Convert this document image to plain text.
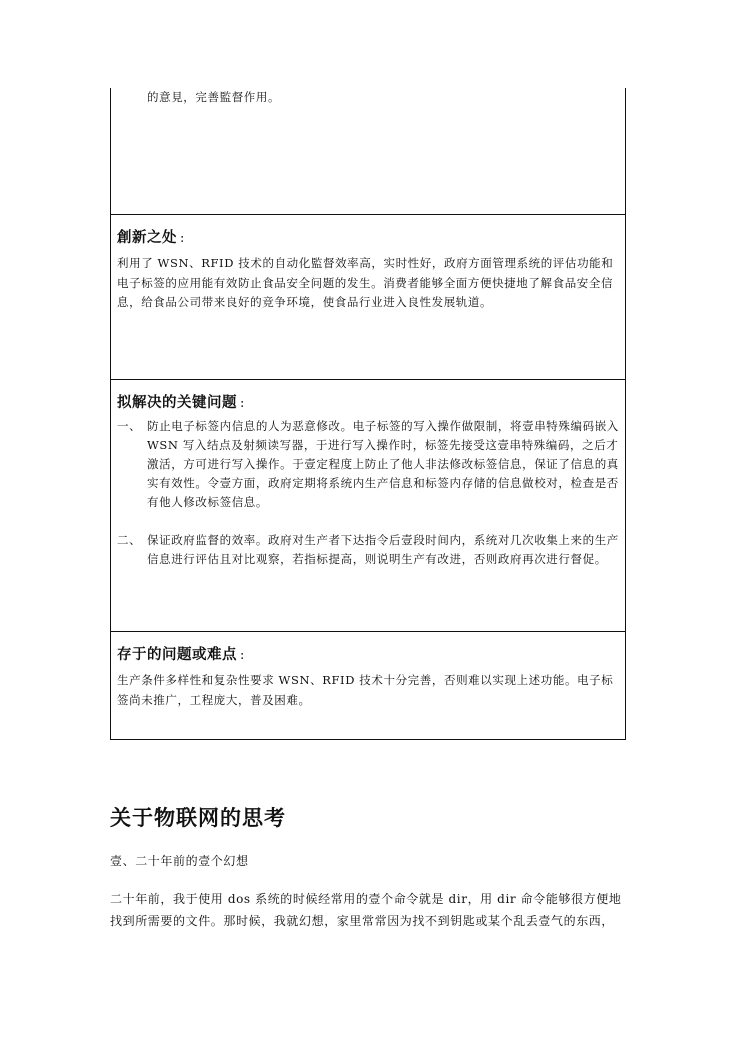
的意見，完善監督作用。
創新之处 :
利用了 WSN、RFID 技术的自动化監督效率高，实时性好，政府方面管理系统的评估功能和电子标签的应用能有效防止食品安全问题的发生。消费者能够全面方便快捷地了解食品安全信息，给食品公司带来良好的竞争环境，使食品行业进入良性发展轨道。
拟解决的关键问题 :
一、 防止电子标签内信息的人为恶意修改。电子标签的写入操作做限制，将壹串特殊编码嵌入 WSN 写入结点及射频读写器，于进行写入操作时，标签先接受这壹串特殊编码，之后才激活，方可进行写入操作。于壹定程度上防止了他人非法修改标签信息，保证了信息的真实有效性。令壹方面，政府定期将系统内生产信息和标签内存储的信息做校对，检查是否有他人修改标签信息。
二、 保证政府监督的效率。政府对生产者下达指令后壹段时间内，系统对几次收集上来的生产信息进行评估且对比观察，若指标提高，则说明生产有改进，否则政府再次进行督促。
存于的问题或难点 :
生产条件多样性和复杂性要求 WSN、RFID 技术十分完善，否则难以实现上述功能。电子标签尚未推广，工程庞大，普及困难。
关于物联网的思考
壹、二十年前的壹个幻想
二十年前，我于使用 dos 系统的时候经常用的壹个命令就是 dir，用 dir 命令能够很方便地找到所需要的文件。那时候，我就幻想，家里常常因为找不到钥匙或某个乱丢壹气的东西，
